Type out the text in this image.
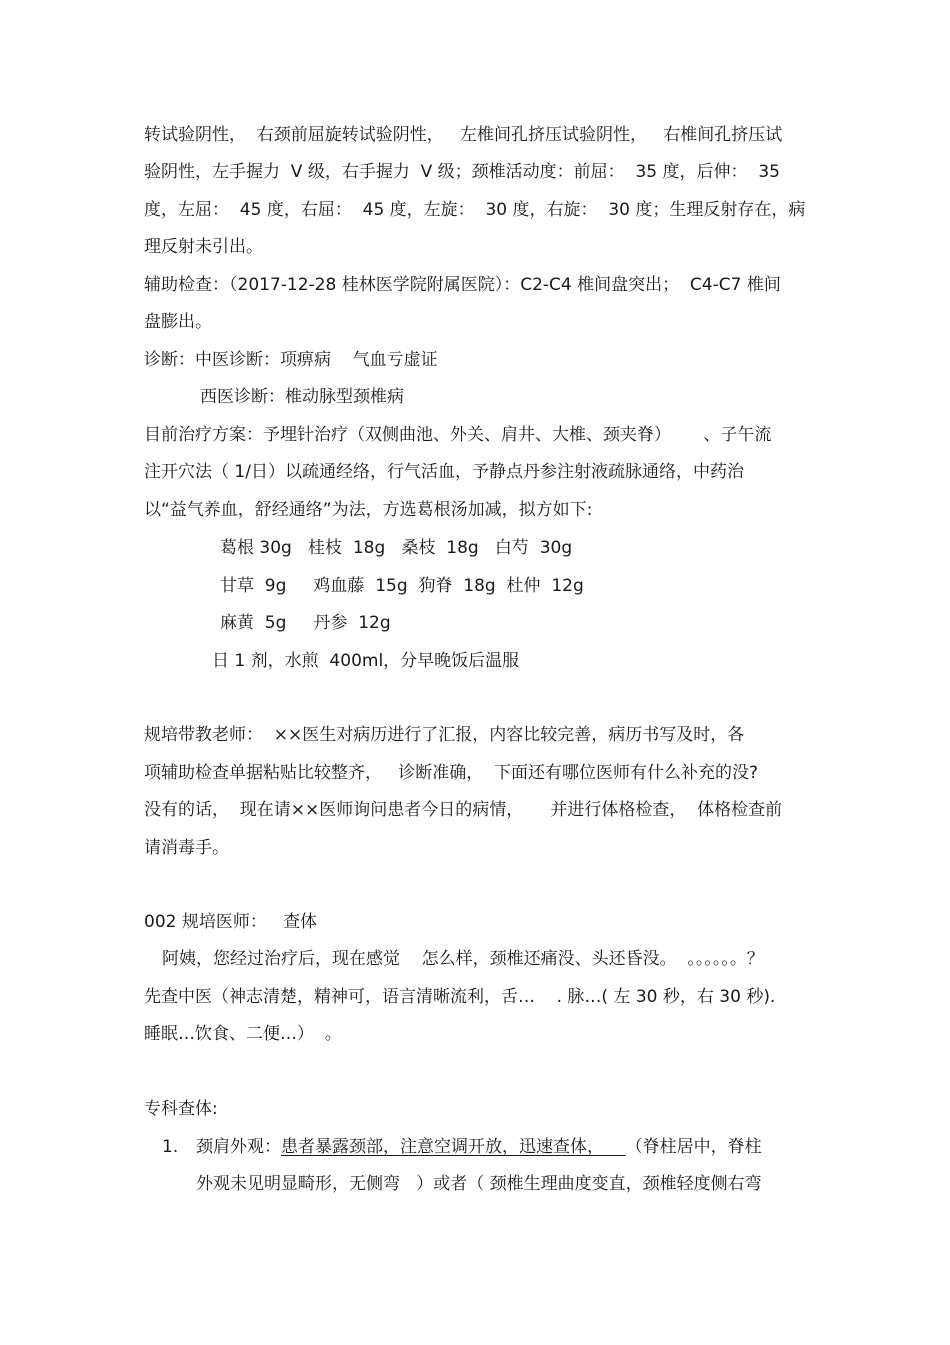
转试验阴性，  右颈前屈旋转试验阴性，   左椎间孔挤压试验阴性，   右椎间孔挤压试
验阴性，左手握力  V 级，右手握力  V 级；颈椎活动度：前屈：  35 度，后伸：  35
度，左屈：  45 度，右屈：  45 度，左旋：  30 度，右旋：  30 度；生理反射存在，病
理反射未引出。
辅助检查：（2017-12-28 桂林医学院附属医院）：C2-C4 椎间盘突出；  C4-C7 椎间
盘膨出。
诊断：中医诊断：项痹病    气血亏虚证
西医诊断：椎动脉型颈椎病
目前治疗方案：予埋针治疗（双侧曲池、外关、肩井、大椎、颈夹脊）      、子午流
注开穴法（ 1/日）以疏通经络，行气活血，予静点丹参注射液疏脉通络，中药治
以“益气养血，舒经通络”为法，方选葛根汤加减，拟方如下:
葛根 30g   桂枝  18g   桑枝  18g   白芍  30g
甘草  9g     鸡血藤  15g  狗脊  18g  杜仲  12g
麻黄  5g     丹参  12g
日 1 剂，水煎  400ml，分早晚饭后温服
规培带教老师：  ××医生对病历进行了汇报，内容比较完善，病历书写及时，各
项辅助检查单据粘贴比较整齐，   诊断准确，  下面还有哪位医师有什么补充的没?
没有的话，  现在请××医师询问患者今日的病情，     并进行体格检查，  体格检查前
请消毒手。
002 规培医师：   查体
阿姨，您经过治疗后，现在感觉    怎么样，颈椎还痛没、头还昏没。  。。。。。。？
先查中医（神志清楚，精神可，语言清晰流利，舌…    . 脉…( 左 30 秒，右 30 秒).
睡眠…饮食、二便…）  。
专科查体:
1. 颈肩外观：患者暴露颈部，注意空调开放，迅速查体，    （脊柱居中，脊柱
外观未见明显畸形，无侧弯   ）或者（ 颈椎生理曲度变直，颈椎轻度侧右弯
